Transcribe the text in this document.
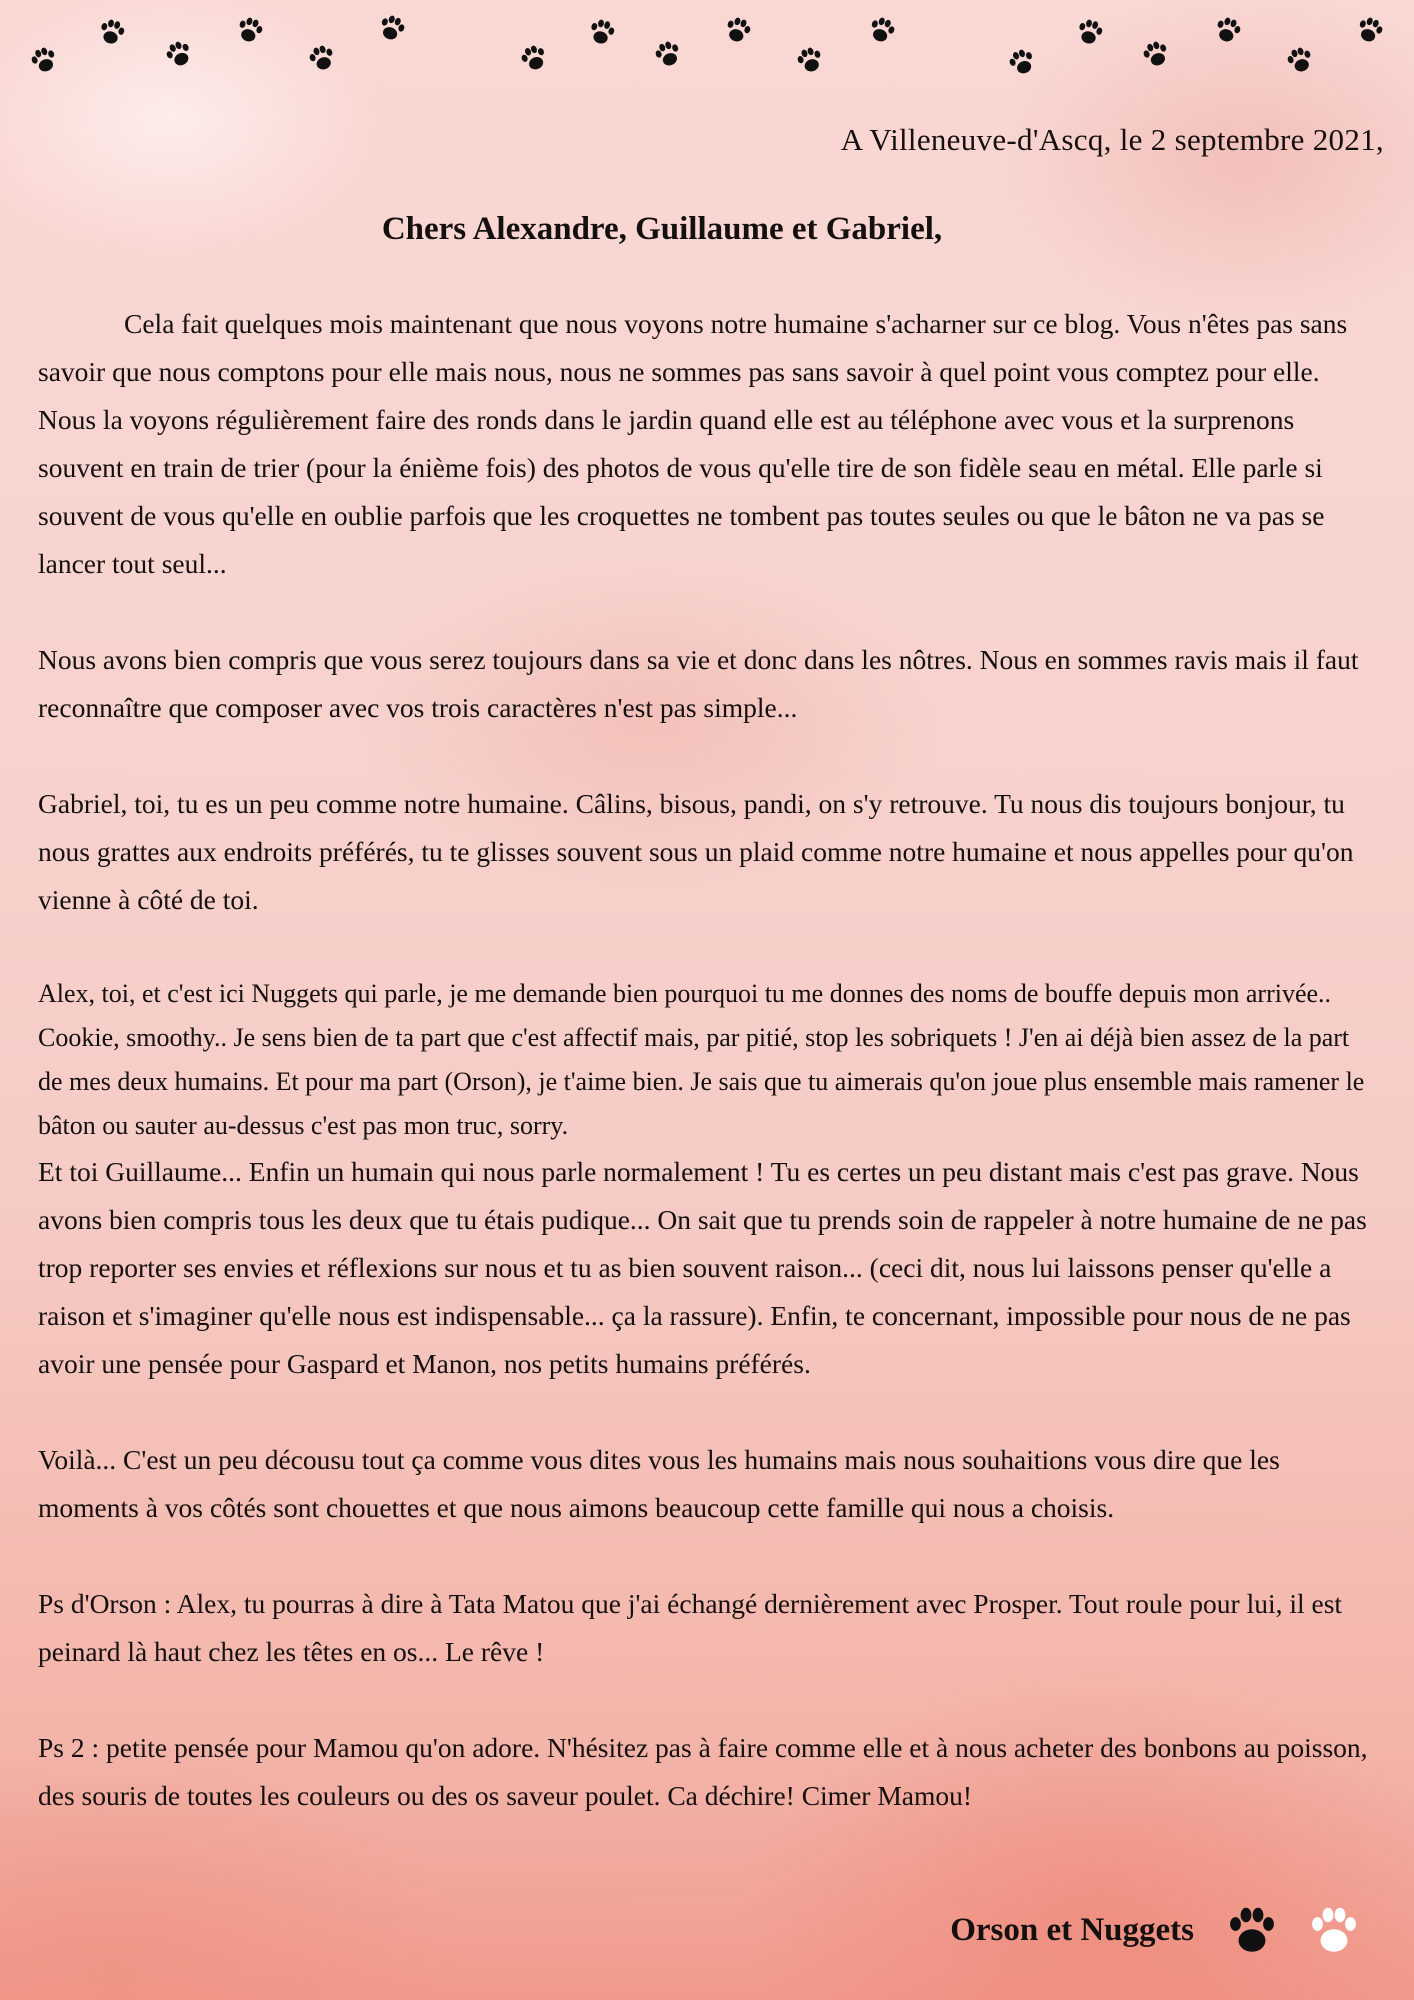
A Villeneuve-d'Ascq, le 2 septembre 2021,
Chers Alexandre, Guillaume et Gabriel,

Cela fait quelques mois maintenant que nous voyons notre humaine s'acharner sur ce blog. Vous n'êtes pas sans savoir que nous comptons pour elle mais nous, nous ne sommes pas sans savoir à quel point vous comptez pour elle. Nous la voyons régulièrement faire des ronds dans le jardin quand elle est au téléphone avec vous et la surprenons souvent en train de trier (pour la énième fois) des photos de vous qu'elle tire de son fidèle seau en métal. Elle parle si souvent de vous qu'elle en oublie parfois que les croquettes ne tombent pas toutes seules ou que le bâton ne va pas se lancer tout seul...

Nous avons bien compris que vous serez toujours dans sa vie et donc dans les nôtres. Nous en sommes ravis mais il faut reconnaître que composer avec vos trois caractères n'est pas simple...

Gabriel, toi, tu es un peu comme notre humaine. Câlins, bisous, pandi, on s'y retrouve. Tu nous dis toujours bonjour, tu nous grattes aux endroits préférés, tu te glisses souvent sous un plaid comme notre humaine et nous appelles pour qu'on vienne à côté de toi.

Alex, toi, et c'est ici Nuggets qui parle, je me demande bien pourquoi tu me donnes des noms de bouffe depuis mon arrivée.. Cookie, smoothy.. Je sens bien de ta part que c'est affectif mais, par pitié, stop les sobriquets ! J'en ai déjà bien assez de la part de mes deux humains. Et pour ma part (Orson), je t'aime bien. Je sais que tu aimerais qu'on joue plus ensemble mais ramener le bâton ou sauter au-dessus c'est pas mon truc, sorry.

Et toi Guillaume... Enfin un humain qui nous parle normalement ! Tu es certes un peu distant mais c'est pas grave. Nous avons bien compris tous les deux que tu étais pudique... On sait que tu prends soin de rappeler à notre humaine de ne pas trop reporter ses envies et réflexions sur nous et tu as bien souvent raison... (ceci dit, nous lui laissons penser qu'elle a raison et s'imaginer qu'elle nous est indispensable... ça la rassure). Enfin, te concernant, impossible pour nous de ne pas avoir une pensée pour Gaspard et Manon, nos petits humains préférés.

Voilà... C'est un peu décousu tout ça comme vous dites vous les humains mais nous souhaitions vous dire que les moments à vos côtés sont chouettes et que nous aimons beaucoup cette famille qui nous a choisis.

Ps d'Orson : Alex, tu pourras à dire à Tata Matou que j'ai échangé dernièrement avec Prosper. Tout roule pour lui, il est peinard là haut chez les têtes en os... Le rêve !

Ps 2 : petite pensée pour Mamou qu'on adore. N'hésitez pas à faire comme elle et à nous acheter des bonbons au poisson, des souris de toutes les couleurs ou des os saveur poulet. Ca déchire! Cimer Mamou!

Orson et Nuggets
